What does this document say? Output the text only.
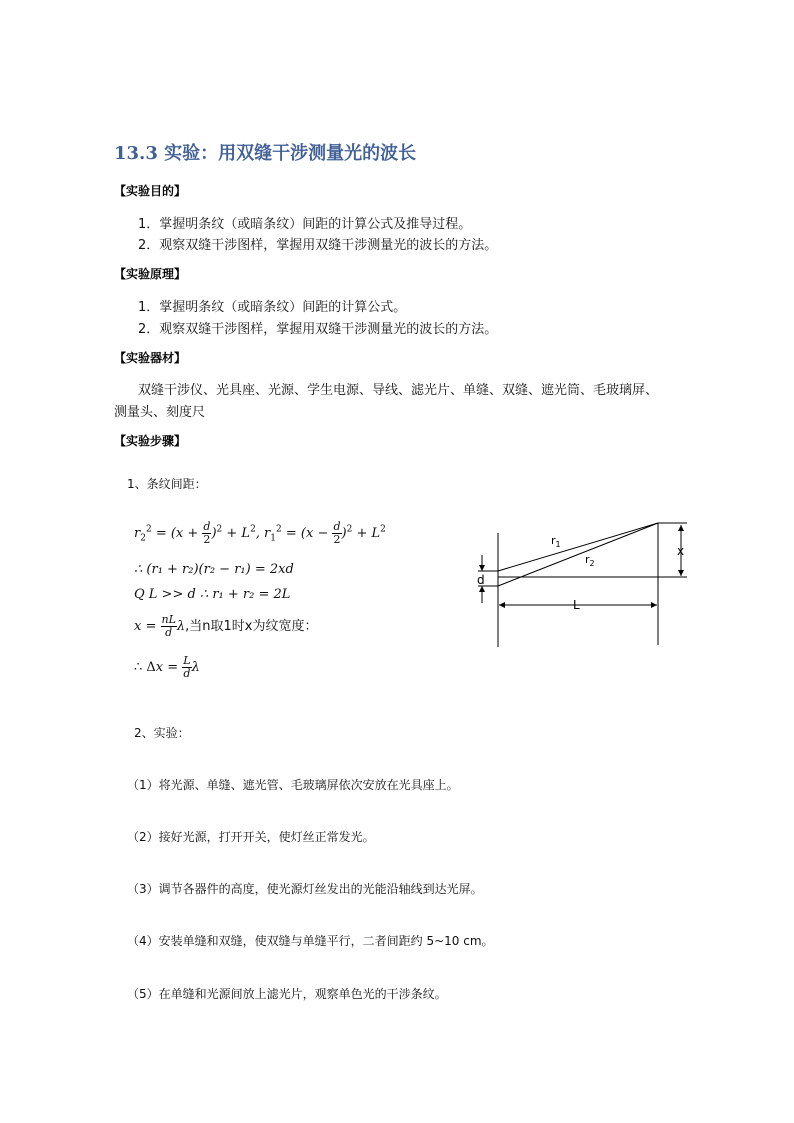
13.3 实验：用双缝干涉测量光的波长
【实验目的】
1．掌握明条纹（或暗条纹）间距的计算公式及推导过程。
2．观察双缝干涉图样，掌握用双缝干涉测量光的波长的方法。
【实验原理】
1．掌握明条纹（或暗条纹）间距的计算公式。
2．观察双缝干涉图样，掌握用双缝干涉测量光的波长的方法。
【实验器材】
双缝干涉仪、光具座、光源、学生电源、导线、滤光片、单缝、双缝、遮光筒、毛玻璃屏、
测量头、刻度尺
【实验步骤】
1、条纹间距：
$r_2^2 = (x + \frac{d}{2} )^2 + L^2$, $r_1^2 = (x - \frac{d}{2} )^2 + L^2$
∴ (r₁ + r₂)(r₂ − r₁) = 2xd
Q L >> d ∴ r₁ + r₂ = 2L
$x = \frac{nL}{d} \lambda$,当n取1时x为纹宽度：
∴ $\Delta x = \frac{L}{d}$ λ
d
$r_1$
$r_2$
x
L
2、实验：
（1）将光源、单缝、遮光管、毛玻璃屏依次安放在光具座上。
（2）接好光源，打开开关，使灯丝正常发光。
（3）调节各器件的高度，使光源灯丝发出的光能沿轴线到达光屏。
（4）安装单缝和双缝，使双缝与单缝平行，二者间距约 5~10 cm。
（5）在单缝和光源间放上滤光片，观察单色光的干涉条纹。
